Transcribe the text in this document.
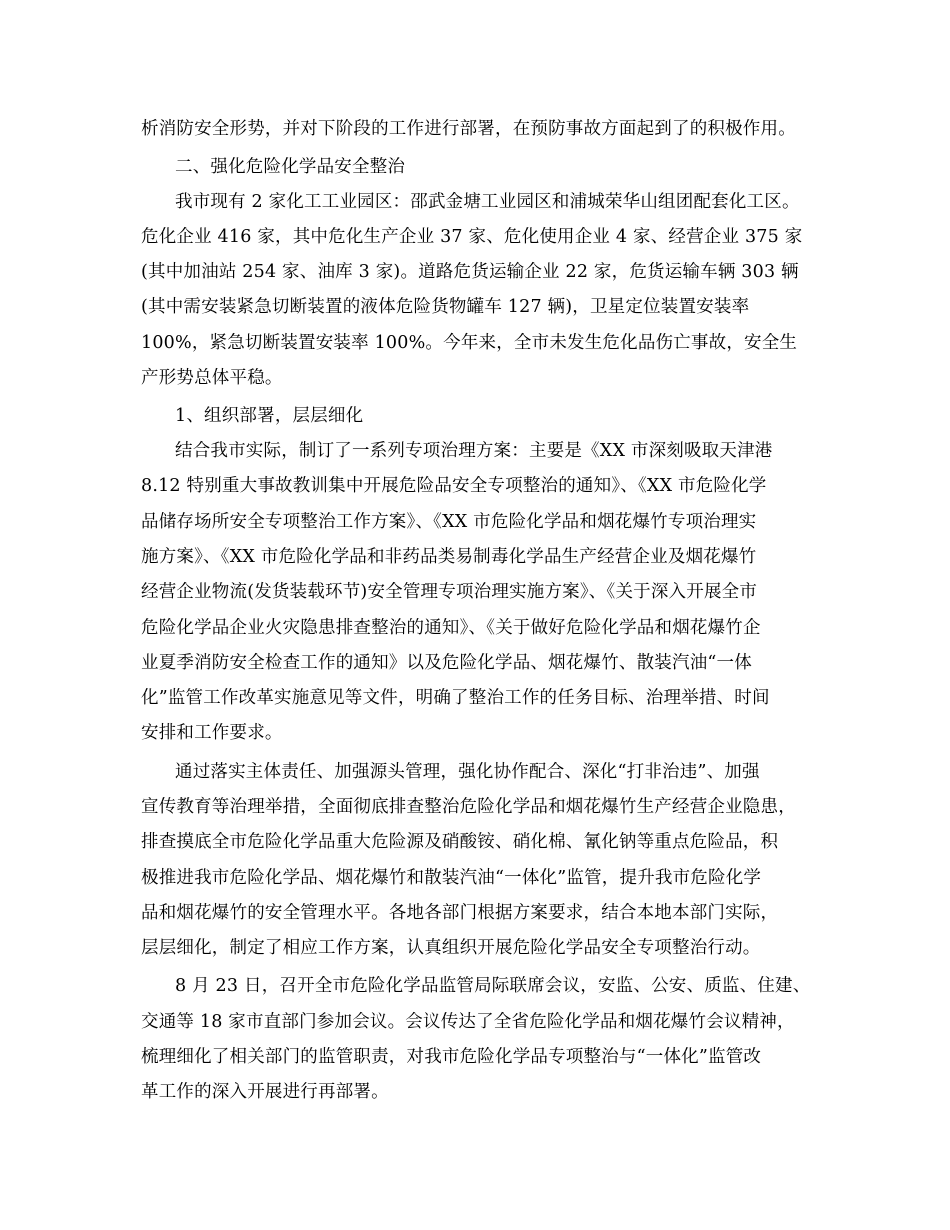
析消防安全形势，并对下阶段的工作进行部署，在预防事故方面起到了的积极作用。
二、强化危险化学品安全整治
我市现有 2 家化工工业园区：邵武金塘工业园区和浦城荣华山组团配套化工区。
危化企业 416 家，其中危化生产企业 37 家、危化使用企业 4 家、经营企业 375 家
(其中加油站 254 家、油库 3 家)。道路危货运输企业 22 家，危货运输车辆 303 辆
(其中需安装紧急切断装置的液体危险货物罐车 127 辆)，卫星定位装置安装率
100%，紧急切断装置安装率 100%。今年来，全市未发生危化品伤亡事故，安全生
产形势总体平稳。
1、组织部署，层层细化
结合我市实际，制订了一系列专项治理方案：主要是《XX 市深刻吸取天津港
8.12 特别重大事故教训集中开展危险品安全专项整治的通知》、《XX 市危险化学
品储存场所安全专项整治工作方案》、《XX 市危险化学品和烟花爆竹专项治理实
施方案》、《XX 市危险化学品和非药品类易制毒化学品生产经营企业及烟花爆竹
经营企业物流(发货装载环节)安全管理专项治理实施方案》、《关于深入开展全市
危险化学品企业火灾隐患排查整治的通知》、《关于做好危险化学品和烟花爆竹企
业夏季消防安全检查工作的通知》以及危险化学品、烟花爆竹、散装汽油“一体
化”监管工作改革实施意见等文件，明确了整治工作的任务目标、治理举措、时间
安排和工作要求。
通过落实主体责任、加强源头管理，强化协作配合、深化“打非治违”、加强
宣传教育等治理举措，全面彻底排查整治危险化学品和烟花爆竹生产经营企业隐患，
排查摸底全市危险化学品重大危险源及硝酸铵、硝化棉、氰化钠等重点危险品，积
极推进我市危险化学品、烟花爆竹和散装汽油“一体化”监管，提升我市危险化学
品和烟花爆竹的安全管理水平。各地各部门根据方案要求，结合本地本部门实际，
层层细化，制定了相应工作方案，认真组织开展危险化学品安全专项整治行动。
8 月 23 日，召开全市危险化学品监管局际联席会议，安监、公安、质监、住建、
交通等 18 家市直部门参加会议。会议传达了全省危险化学品和烟花爆竹会议精神，
梳理细化了相关部门的监管职责，对我市危险化学品专项整治与“一体化”监管改
革工作的深入开展进行再部署。
